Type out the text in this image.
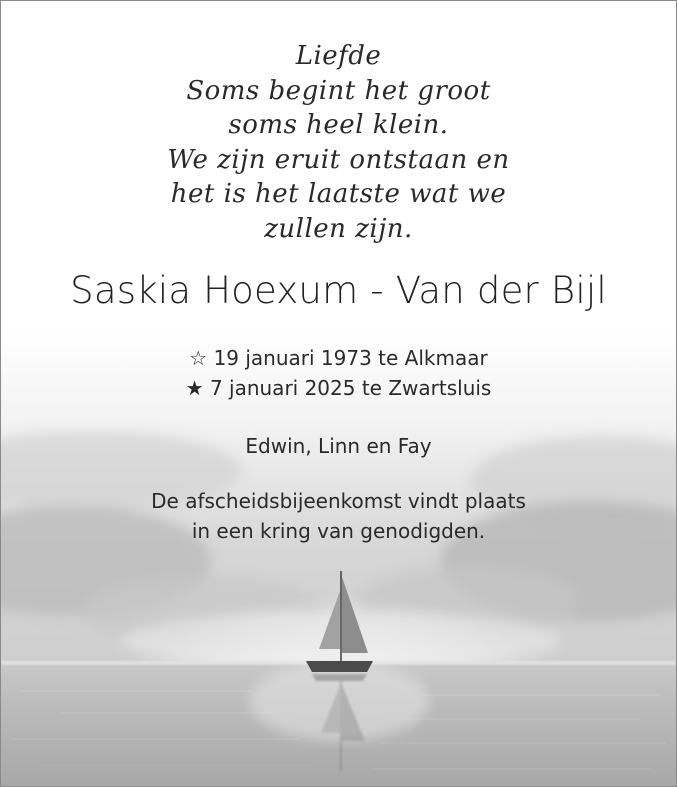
Liefde
Soms begint het groot
soms heel klein.
We zijn eruit ontstaan en
het is het laatste wat we
zullen zijn.
Saskia Hoexum - Van der Bijl
☆ 19 januari 1973 te Alkmaar
★ 7 januari 2025 te Zwartsluis
Edwin, Linn en Fay
De afscheidsbijeenkomst vindt plaats
in een kring van genodigden.
